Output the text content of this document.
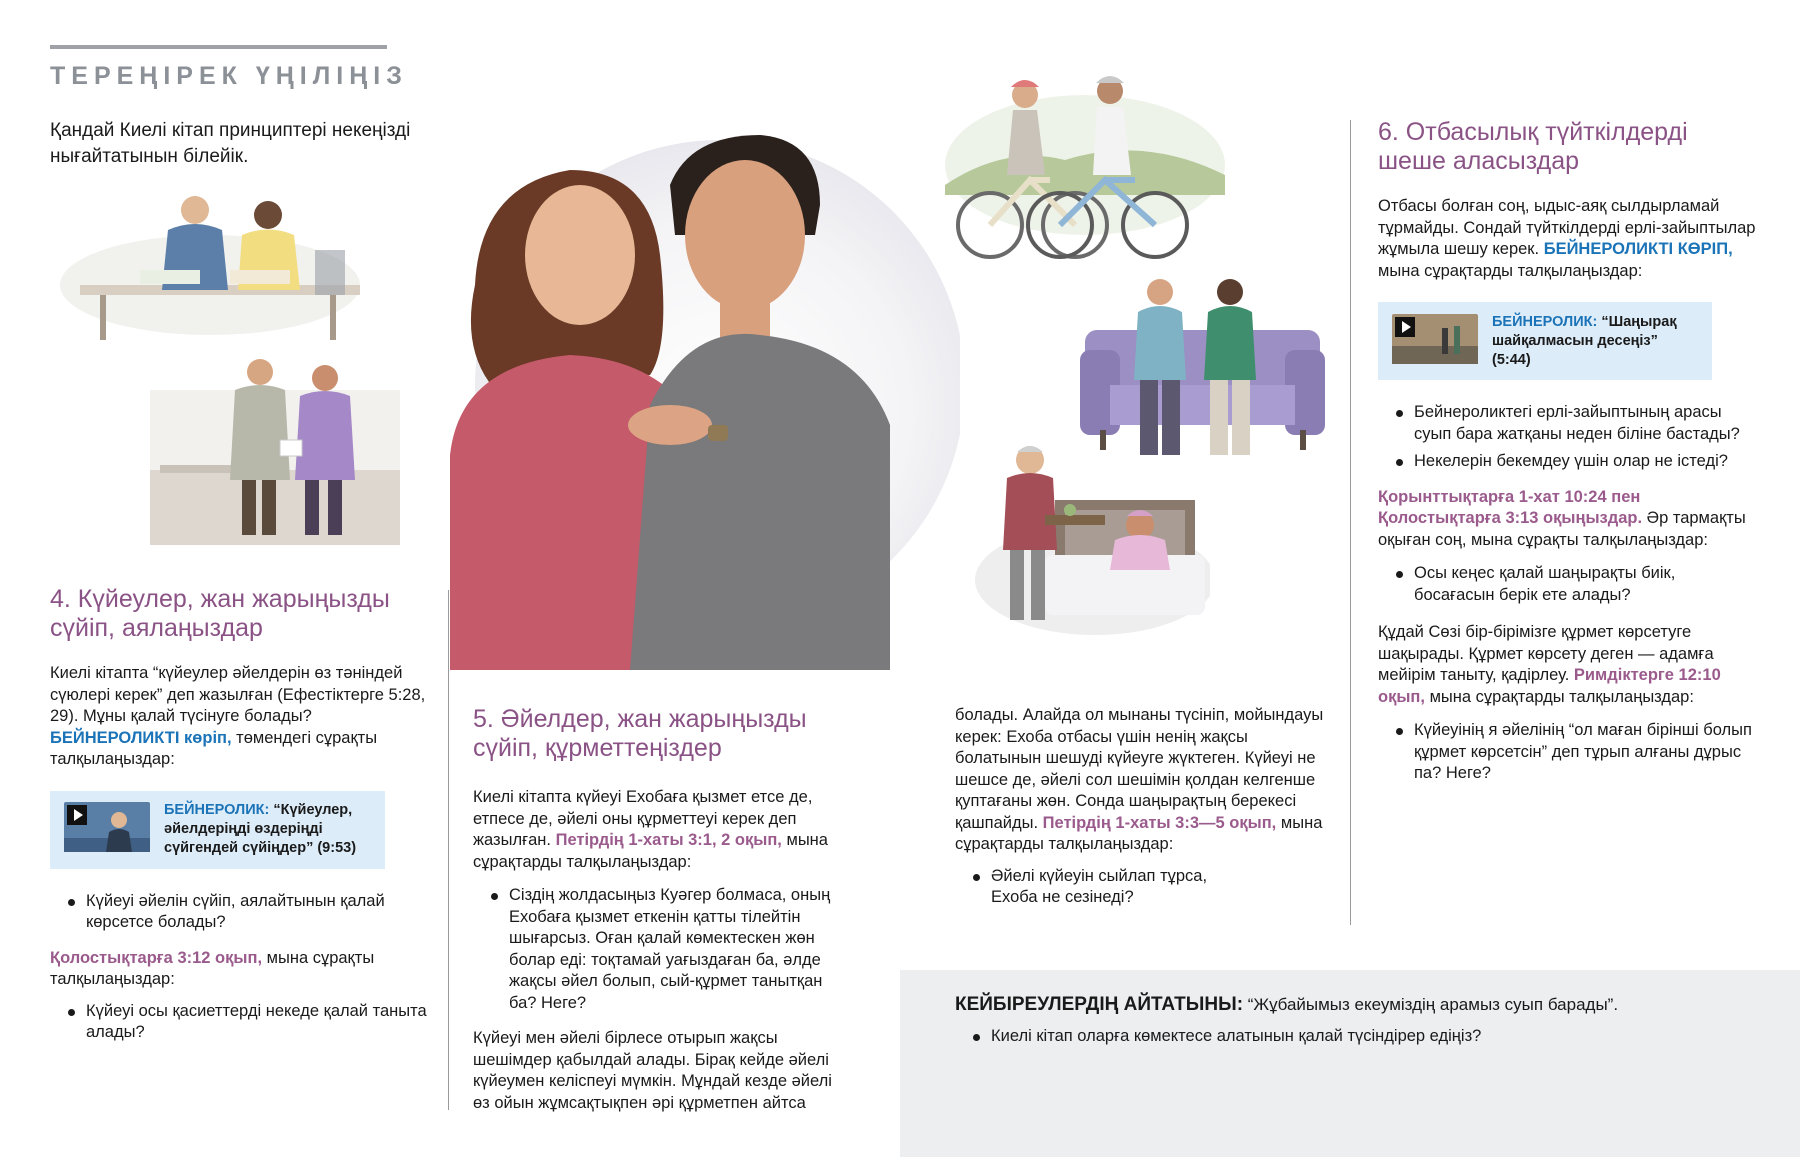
ТЕРЕҢІРЕК ҮҢІЛІҢІЗ
Қандай Киелі кітап принциптері некеңізді нығайтатынын білейік.
4. Күйеулер, жан жарыңызды сүйіп, аялаңыздар

Киелі кітапта “күйеулер әйелдерін өз тәніндей сүюлері керек” деп жазылған (Ефестіктерге 5:28, 29). Мұны қалай түсінуге болады? БЕЙНЕРОЛИКТІ көріп, төмендегі сұрақты талқылаңыздар:

БЕЙНЕРОЛИК: “Күйеулер, әйелдеріңді өздеріңді сүйгендей сүйіңдер” (9:53)
Күйеуі әйелін сүйіп, аялайтынын қалай көрсетсе болады?

Қолостықтарға 3:12 оқып, мына сұрақты талқылаңыздар:

Күйеуі осы қасиеттерді некеде қалай таныта алады?
5. Әйелдер, жан жарыңызды сүйіп, құрметтеңіздер

Киелі кітапта күйеуі Ехобаға қызмет етсе де, етпесе де, әйелі оны құрметтеуі керек деп жазылған. Петірдің 1-хаты 3:1, 2 оқып, мына сұрақтарды талқылаңыздар:

Сіздің жолдасыңыз Куәгер болмаса, оның Ехобаға қызмет еткенін қатты тілейтін шығарсыз. Оған қалай көмектескен жөн болар еді: тоқтамай уағыздаған ба, әлде жақсы әйел болып, сый-құрмет танытқан ба? Неге?

Күйеуі мен әйелі бірлесе отырып жақсы шешімдер қабылдай алады. Бірақ кейде әйелі күйеумен келіспеуі мүмкін. Мұндай кезде әйелі өз ойын жұмсақтықпен әрі құрметпен айтса

болады. Алайда ол мынаны түсініп, мойындауы керек: Ехоба отбасы үшін ненің жақсы болатынын шешуді күйеуге жүктеген. Күйеуі не шешсе де, әйелі сол шешімін қолдан келгенше қуптағаны жөн. Сонда шаңырақтың берекесі қашпайды. Петірдің 1-хаты 3:3—5 оқып, мына сұрақтарды талқылаңыздар:

Әйелі күйеуін сыйлап тұрса, Ехоба не сезінеді?
6. Отбасылық түйткілдерді шеше аласыздар

Отбасы болған соң, ыдыс-аяқ сылдырламай тұрмайды. Сондай түйткілдерді ерлі-зайыптылар жұмыла шешу керек. БЕЙНЕРОЛИКТІ КӨРІП, мына сұрақтарды талқылаңыздар:

БЕЙНЕРОЛИК: “Шаңырақ шайқалмасын десеңіз” (5:44)
Бейнероликтегі ерлі-зайыптының арасы суып бара жатқаны неден біліне бастады?
Некелерін бекемдеу үшін олар не істеді?

Қорынттықтарға 1-хат 10:24 пен Қолостықтарға 3:13 оқыңыздар. Әр тармақты оқыған соң, мына сұрақты талқылаңыздар:

Осы кеңес қалай шаңырақты биік, босағасын берік ете алады?

Құдай Сөзі бір-бірімізге құрмет көрсетуге шақырады. Құрмет көрсету деген — адамға мейірім таныту, қадірлеу. Римдіктерге 12:10 оқып, мына сұрақтарды талқылаңыздар:

Күйеуінің я әйелінің “ол маған бірінші болып құрмет көрсетсін” деп тұрып алғаны дұрыс па? Неге?
КЕЙБІРЕУЛЕРДІҢ АЙТАТЫНЫ: “Жұбайымыз екеуміздің арамыз суып барады”.
Киелі кітап оларға көмектесе алатынын қалай түсіндірер едіңіз?
